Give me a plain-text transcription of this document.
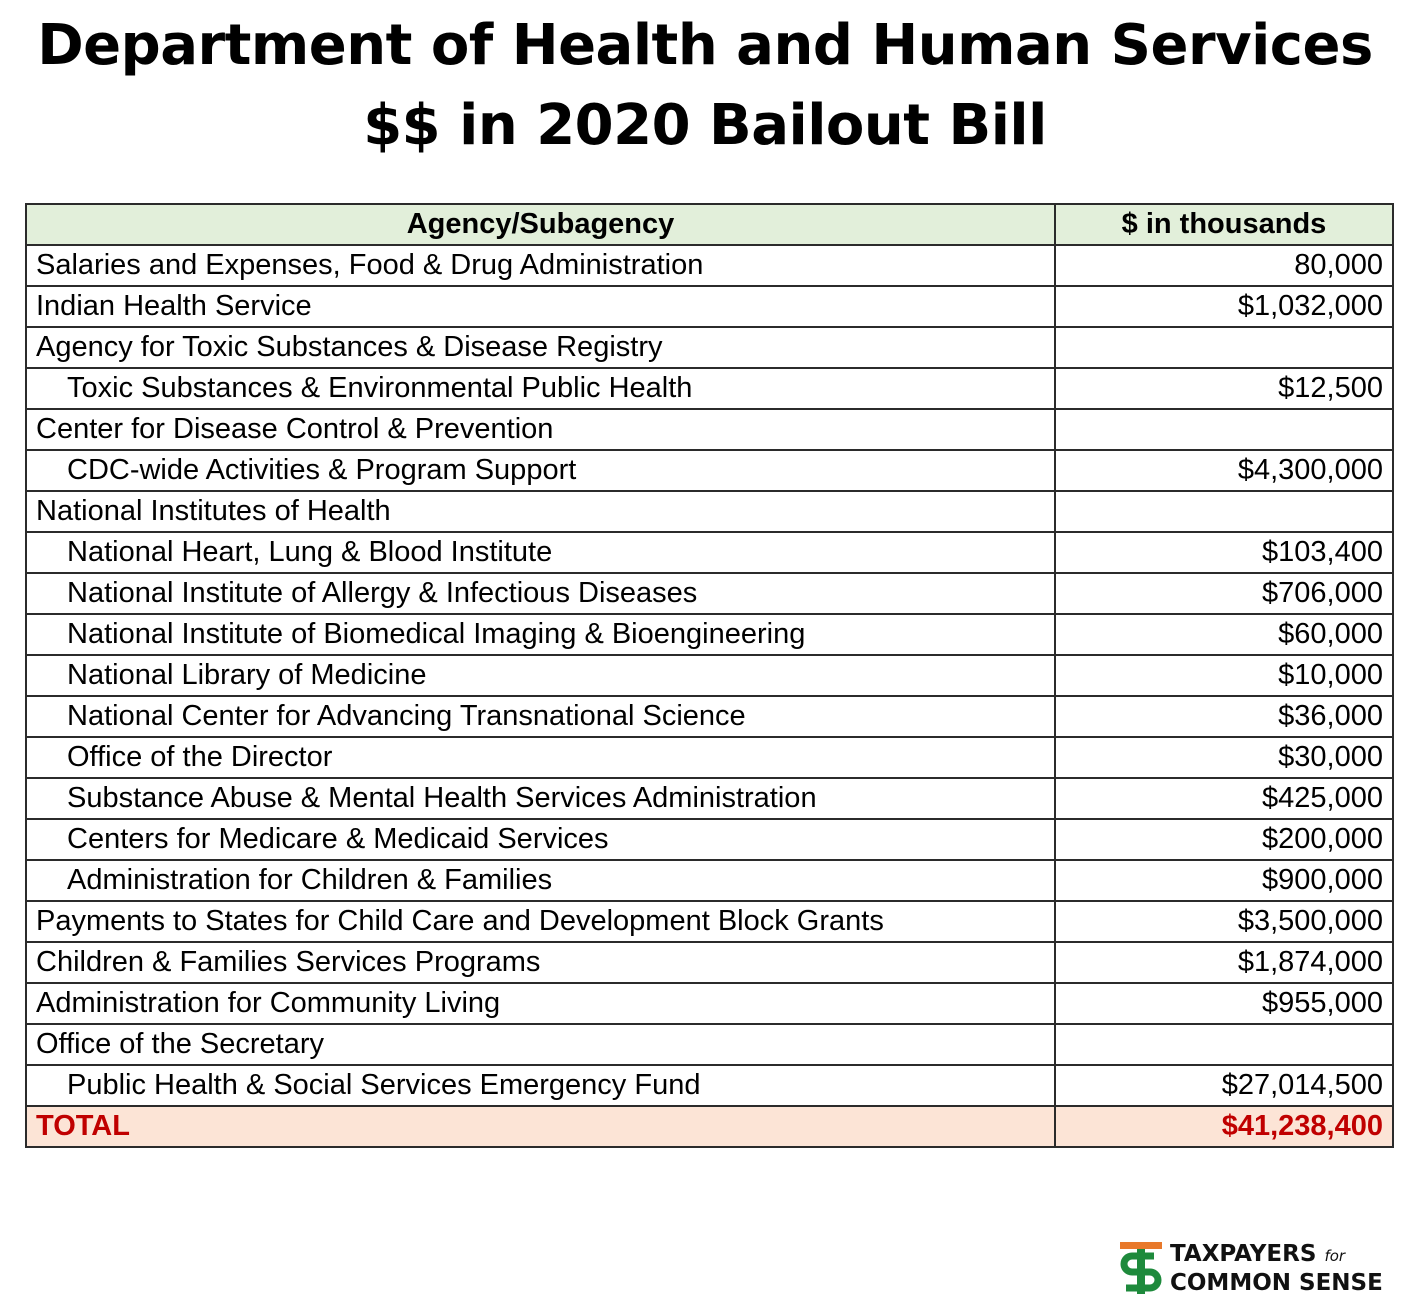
Department of Health and Human Services
$$ in 2020 Bailout Bill
Agency/Subagency	$ in thousands
Salaries and Expenses, Food & Drug Administration	80,000
Indian Health Service	$1,032,000
Agency for Toxic Substances & Disease Registry	
Toxic Substances & Environmental Public Health	$12,500
Center for Disease Control & Prevention	
CDC-wide Activities & Program Support	$4,300,000
National Institutes of Health	
National Heart, Lung & Blood Institute	$103,400
National Institute of Allergy & Infectious Diseases	$706,000
National Institute of Biomedical Imaging & Bioengineering	$60,000
National Library of Medicine	$10,000
National Center for Advancing Transnational Science	$36,000
Office of the Director	$30,000
Substance Abuse & Mental Health Services Administration	$425,000
Centers for Medicare & Medicaid Services	$200,000
Administration for Children & Families	$900,000
Payments to States for Child Care and Development Block Grants	$3,500,000
Children & Families Services Programs	$1,874,000
Administration for Community Living	$955,000
Office of the Secretary	
Public Health & Social Services Emergency Fund	$27,014,500
TOTAL	$41,238,400
TAXPAYERS for
COMMON SENSE
